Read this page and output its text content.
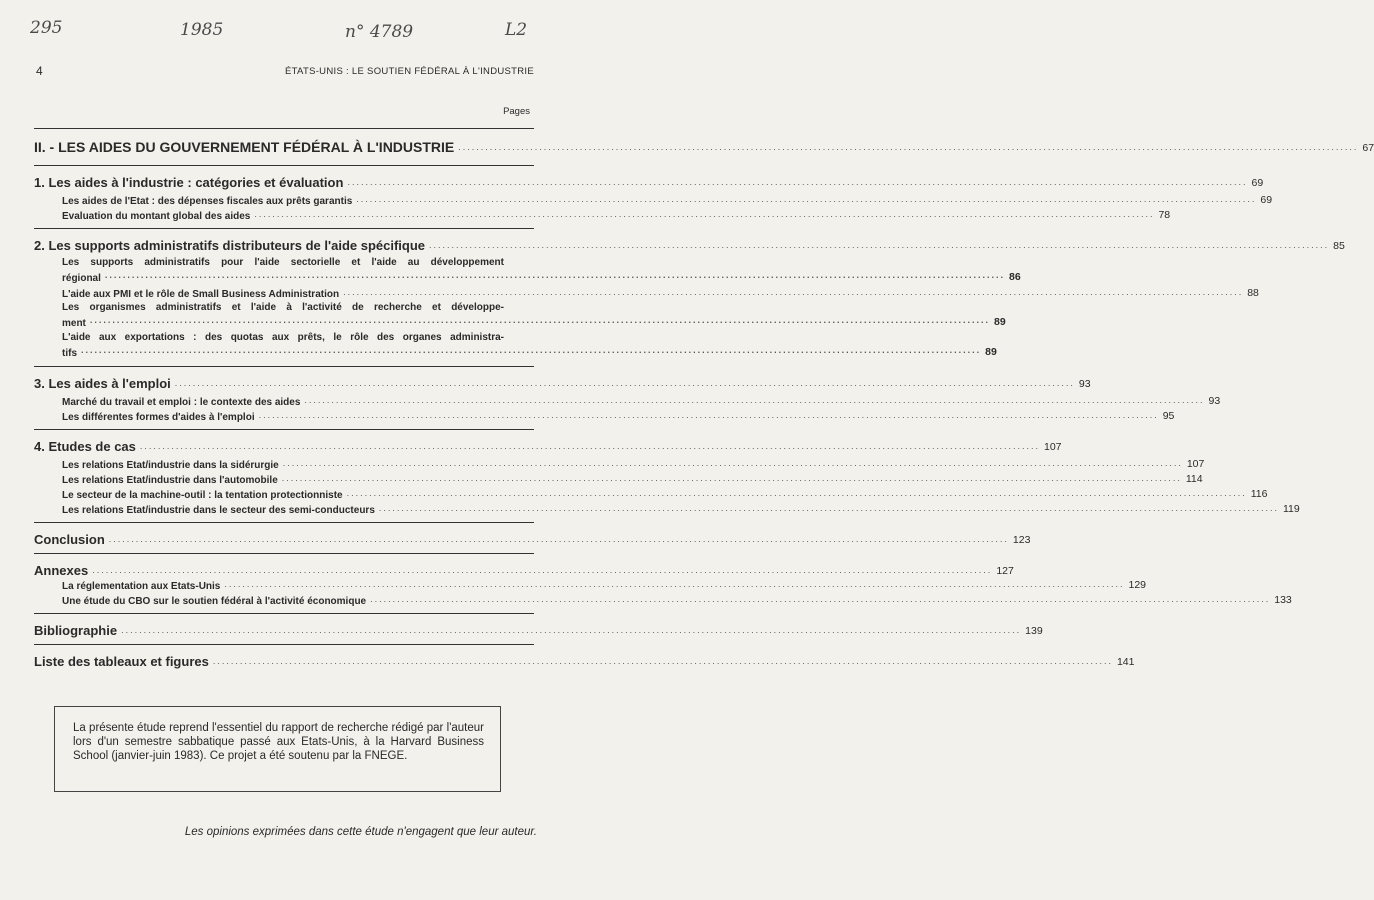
295	1985	n° 4789	L2
4	ÉTATS-UNIS : LE SOUTIEN FÉDÉRAL À L'INDUSTRIE
Pages
II. - LES AIDES DU GOUVERNEMENT FÉDÉRAL À L'INDUSTRIE ........................................................................................................................................................................................................ 67
1. Les aides à l'industrie : catégories et évaluation ........................................................................................................................................................................................................ 69
Les aides de l'Etat : des dépenses fiscales aux prêts garantis ........................................................................................................................................................................................................ 69
Evaluation du montant global des aides ........................................................................................................................................................................................................ 78
2. Les supports administratifs distributeurs de l'aide spécifique ........................................................................................................................................................................................................ 85
Les supports administratifs pour l'aide sectorielle et l'aide au développement
régional ........................................................................................................................................................................................................ 86
L'aide aux PMI et le rôle de Small Business Administration ........................................................................................................................................................................................................ 88
Les organismes administratifs et l'aide à l'activité de recherche et développe-
ment ........................................................................................................................................................................................................ 89
L'aide aux exportations : des quotas aux prêts, le rôle des organes administra-
tifs ........................................................................................................................................................................................................ 89
3. Les aides à l'emploi ........................................................................................................................................................................................................ 93
Marché du travail et emploi : le contexte des aides ........................................................................................................................................................................................................ 93
Les différentes formes d'aides à l'emploi ........................................................................................................................................................................................................ 95
4. Etudes de cas ........................................................................................................................................................................................................ 107
Les relations Etat/industrie dans la sidérurgie ........................................................................................................................................................................................................ 107
Les relations Etat/industrie dans l'automobile ........................................................................................................................................................................................................ 114
Le secteur de la machine-outil : la tentation protectionniste ........................................................................................................................................................................................................ 116
Les relations Etat/industrie dans le secteur des semi-conducteurs ........................................................................................................................................................................................................ 119
Conclusion ........................................................................................................................................................................................................ 123
Annexes ........................................................................................................................................................................................................ 127
La réglementation aux Etats-Unis ........................................................................................................................................................................................................ 129
Une étude du CBO sur le soutien fédéral à l'activité économique ........................................................................................................................................................................................................ 133
Bibliographie ........................................................................................................................................................................................................ 139
Liste des tableaux et figures ........................................................................................................................................................................................................ 141

La présente étude reprend l'essentiel du rapport de recherche rédigé par l'auteur lors d'un semestre sabbatique passé aux Etats-Unis, à la Harvard Business School (janvier-juin 1983). Ce projet a été soutenu par la FNEGE.

Les opinions exprimées dans cette étude n'engagent que leur auteur.
